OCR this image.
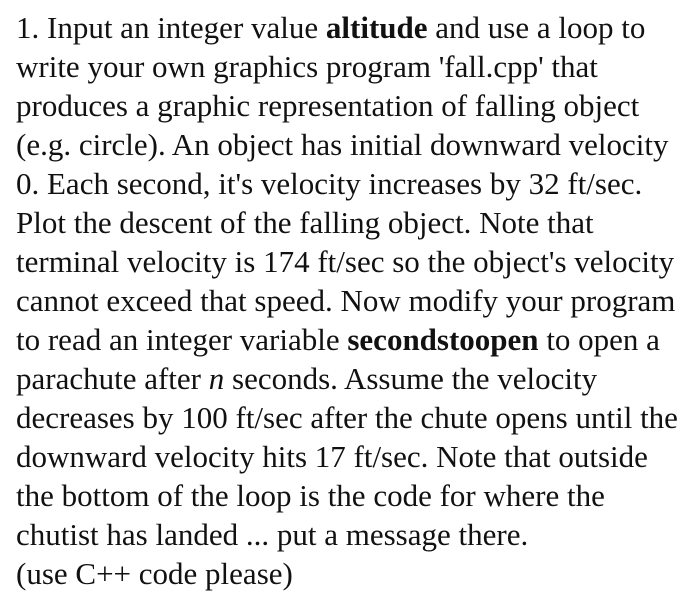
1. Input an integer value altitude and use a loop to
write your own graphics program 'fall.cpp' that
produces a graphic representation of falling object
(e.g. circle). An object has initial downward velocity
0. Each second, it's velocity increases by 32 ft/sec.
Plot the descent of the falling object. Note that
terminal velocity is 174 ft/sec so the object's velocity
cannot exceed that speed. Now modify your program
to read an integer variable secondstoopen to open a
parachute after n seconds. Assume the velocity
decreases by 100 ft/sec after the chute opens until the
downward velocity hits 17 ft/sec. Note that outside
the bottom of the loop is the code for where the
chutist has landed ... put a message there.
(use C++ code please)
